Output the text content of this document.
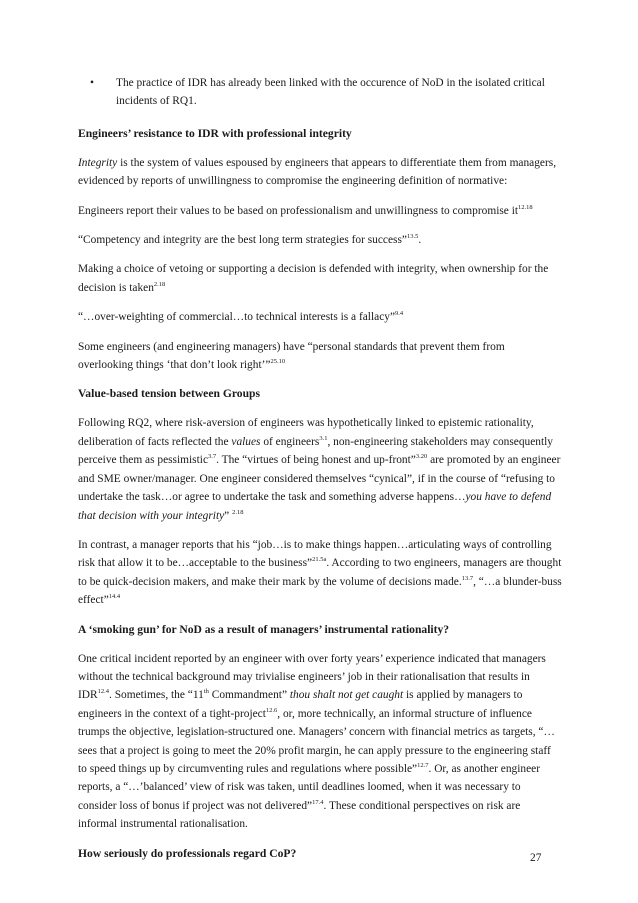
• The practice of IDR has already been linked with the occurence of NoD in the isolated critical incidents of RQ1.
Engineers’ resistance to IDR with professional integrity

Integrity is the system of values espoused by engineers that appears to differentiate them from managers, evidenced by reports of unwillingness to compromise the engineering definition of normative:

Engineers report their values to be based on professionalism and unwillingness to compromise $it^{12.18}$

“Competency and integrity are the best long term strategies for success”$^{13.5}$.

Making a choice of vetoing or supporting a decision is defended with integrity, when ownership for the decision is taken$^{2.18}$

“…over-weighting of commercial…to technical interests is a fallacy”$^{9.4}$

Some engineers (and engineering managers) have “personal standards that prevent them from overlooking things ‘that don’t look right’”$^{25.10}$

Value-based tension between Groups

Following RQ2, where risk-aversion of engineers was hypothetically linked to epistemic rationality, deliberation of facts reflected the values of engineers$^{3.1}$, non-engineering stakeholders may consequently perceive them as pessimistic$^{3.7}$. The “virtues of being honest and up-front”$^{3.20}$ are promoted by an engineer and SME owner/manager. One engineer considered themselves “cynical”, if in the course of “refusing to undertake the task…or agree to undertake the task and something adverse happens…you have to defend that decision with your integrity” $^{2.18}$

In contrast, a manager reports that his “job…is to make things happen…articulating ways of controlling risk that allow it to be…acceptable to the business”$^{21.5a}$. According to two engineers, managers are thought to be quick-decision makers, and make their mark by the volume of decisions made.$^{13.7}$, “…a blunder-buss effect”$^{14.4}$

A ‘smoking gun’ for NoD as a result of managers’ instrumental rationality?

One critical incident reported by an engineer with over forty years’ experience indicated that managers without the technical background may trivialise engineers’ job in their rationalisation that results in $IDR^{12.4}$. Sometimes, the “11th Commandment” thou shalt not get caught is applied by managers to engineers in the context of a tight-project$^{12.6}$, or, more technically, an informal structure of influence trumps the objective, legislation-structured one. Managers’ concern with financial metrics as targets, “…sees that a project is going to meet the 20% profit margin, he can apply pressure to the engineering staff to speed things up by circumventing rules and regulations where possible”$^{12.7}$. Or, as another engineer reports, a “…’balanced’ view of risk was taken, until deadlines loomed, when it was necessary to consider loss of bonus if project was not delivered”$^{17.4}$. These conditional perspectives on risk are informal instrumental rationalisation.

How seriously do professionals regard CoP?	27
